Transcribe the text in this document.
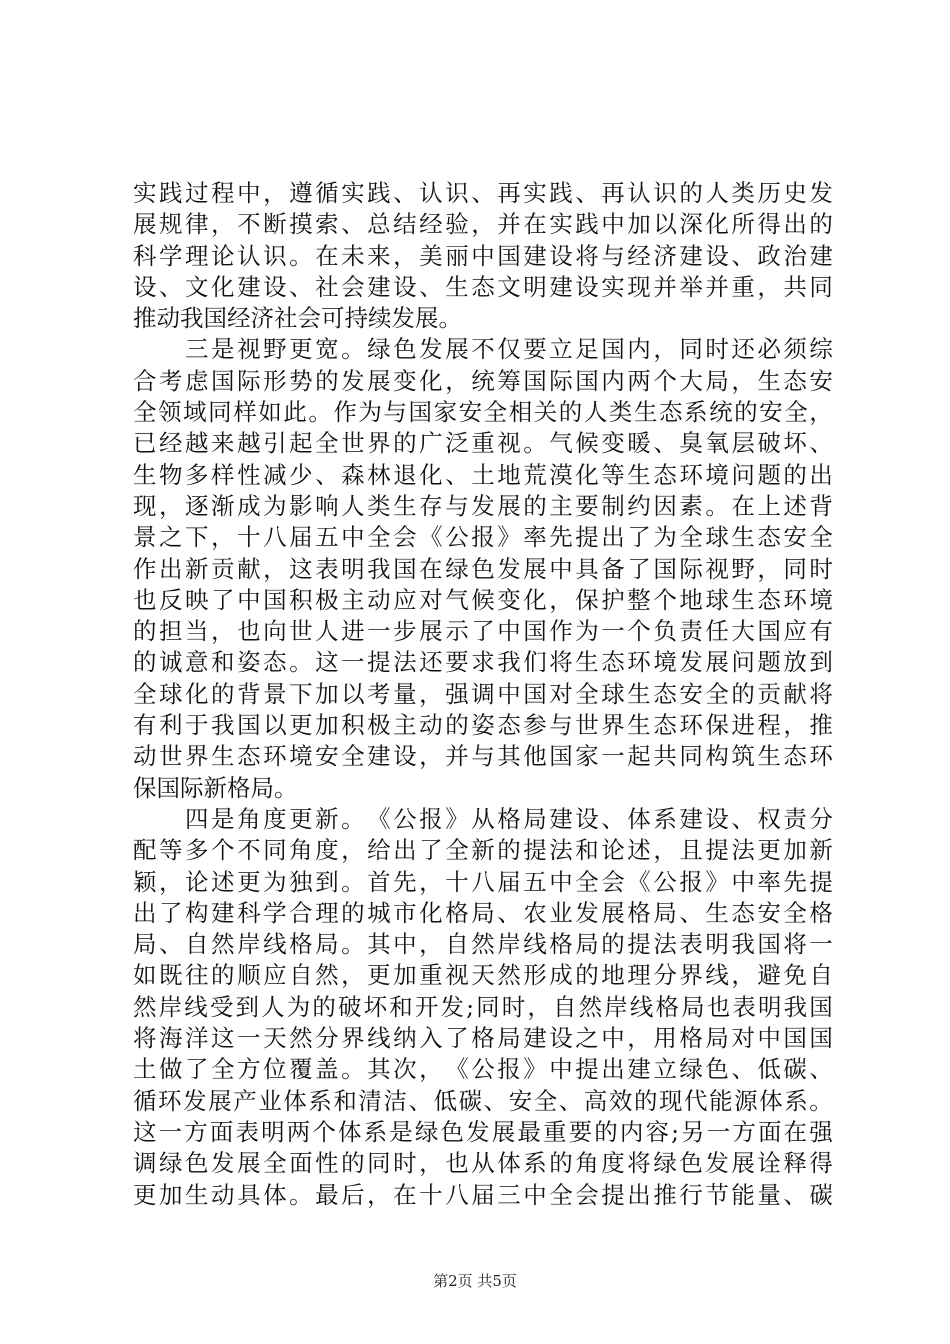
实 践 过 程 中 ， 遵 循 实 践 、 认 识 、 再 实 践 、 再 认 识 的 人 类 历 史 发
展 规 律 ， 不 断 摸 索 、 总 结 经 验 ， 并 在 实 践 中 加 以 深 化 所 得 出 的
科 学 理 论 认 识 。 在 未 来 ， 美 丽 中 国 建 设 将 与 经 济 建 设 、 政 治 建
设 、 文 化 建 设 、 社 会 建 设 、 生 态 文 明 建 设 实 现 并 举 并 重 ， 共 同
推 动 我 国 经 济 社 会 可 持 续 发 展 。

三 是 视 野 更 宽 。 绿 色 发 展 不 仅 要 立 足 国 内 ， 同 时 还 必 须 综
合 考 虑 国 际 形 势 的 发 展 变 化 ， 统 筹 国 际 国 内 两 个 大 局 ， 生 态 安
全 领 域 同 样 如 此 。 作 为 与 国 家 安 全 相 关 的 人 类 生 态 系 统 的 安 全 ，
已 经 越 来 越 引 起 全 世 界 的 广 泛 重 视 。 气 候 变 暖 、 臭 氧 层 破 坏 、
生 物 多 样 性 减 少 、 森 林 退 化 、 土 地 荒 漠 化 等 生 态 环 境 问 题 的 出
现 ， 逐 渐 成 为 影 响 人 类 生 存 与 发 展 的 主 要 制 约 因 素 。 在 上 述 背
景 之 下 ， 十 八 届 五 中 全 会 《 公 报 》 率 先 提 出 了 为 全 球 生 态 安 全
作 出 新 贡 献 ， 这 表 明 我 国 在 绿 色 发 展 中 具 备 了 国 际 视 野 ， 同 时
也 反 映 了 中 国 积 极 主 动 应 对 气 候 变 化 ， 保 护 整 个 地 球 生 态 环 境
的 担 当 ， 也 向 世 人 进 一 步 展 示 了 中 国 作 为 一 个 负 责 任 大 国 应 有
的 诚 意 和 姿 态 。 这 一 提 法 还 要 求 我 们 将 生 态 环 境 发 展 问 题 放 到
全 球 化 的 背 景 下 加 以 考 量 ， 强 调 中 国 对 全 球 生 态 安 全 的 贡 献 将
有 利 于 我 国 以 更 加 积 极 主 动 的 姿 态 参 与 世 界 生 态 环 保 进 程 ， 推
动 世 界 生 态 环 境 安 全 建 设 ， 并 与 其 他 国 家 一 起 共 同 构 筑 生 态 环
保 国 际 新 格 局 。

四 是 角 度 更 新 。 《 公 报 》 从 格 局 建 设 、 体 系 建 设 、 权 责 分
配 等 多 个 不 同 角 度 ， 给 出 了 全 新 的 提 法 和 论 述 ， 且 提 法 更 加 新
颖 ， 论 述 更 为 独 到 。 首 先 ， 十 八 届 五 中 全 会 《 公 报 》 中 率 先 提
出 了 构 建 科 学 合 理 的 城 市 化 格 局 、 农 业 发 展 格 局 、 生 态 安 全 格
局 、 自 然 岸 线 格 局 。 其 中 ， 自 然 岸 线 格 局 的 提 法 表 明 我 国 将 一
如 既 往 的 顺 应 自 然 ， 更 加 重 视 天 然 形 成 的 地 理 分 界 线 ， 避 免 自
然 岸 线 受 到 人 为 的 破 坏 和 开 发 ; 同 时 ， 自 然 岸 线 格 局 也 表 明 我 国
将 海 洋 这 一 天 然 分 界 线 纳 入 了 格 局 建 设 之 中 ， 用 格 局 对 中 国 国
土 做 了 全 方 位 覆 盖 。 其 次 ， 《 公 报 》 中 提 出 建 立 绿 色 、 低 碳 、
循 环 发 展 产 业 体 系 和 清 洁 、 低 碳 、 安 全 、 高 效 的 现 代 能 源 体 系 。
这 一 方 面 表 明 两 个 体 系 是 绿 色 发 展 最 重 要 的 内 容 ; 另 一 方 面 在 强
调 绿 色 发 展 全 面 性 的 同 时 ， 也 从 体 系 的 角 度 将 绿 色 发 展 诠 释 得
更 加 生 动 具 体 。 最 后 ， 在 十 八 届 三 中 全 会 提 出 推 行 节 能 量 、 碳
第2页 共5页
